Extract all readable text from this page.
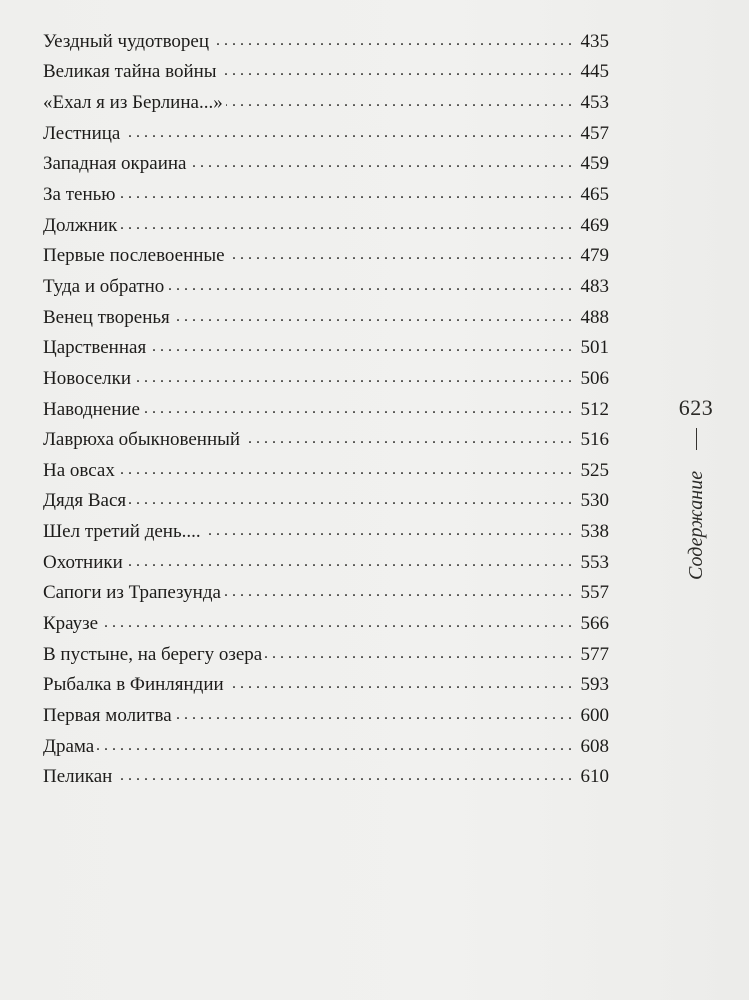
Уездный чудотворец . . .	435
Великая тайна войны . . .	445
«Ехал я из Берлина...» . . .	453
Лестница . . .	457
Западная окраина . . .	459
За тенью . . .	465
Должник . . .	469
Первые послевоенные . . .	479
Туда и обратно . . .	483
Венец творенья . . .	488
Царственная . . .	501
Новоселки . . .	506
Наводнение . . .	512
Лаврюха обыкновенный . . .	516
На овсах . . .	525
Дядя Вася . . .	530
Шел третий день.... . . .	538
Охотники . . .	553
Сапоги из Трапезунда . . .	557
Краузе . . .	566
В пустыне, на берегу озера . . .	577
Рыбалка в Финляндии . . .	593
Первая молитва . . .	600
Драма . . .	608
Пеликан . . .	610
623
Содержание
